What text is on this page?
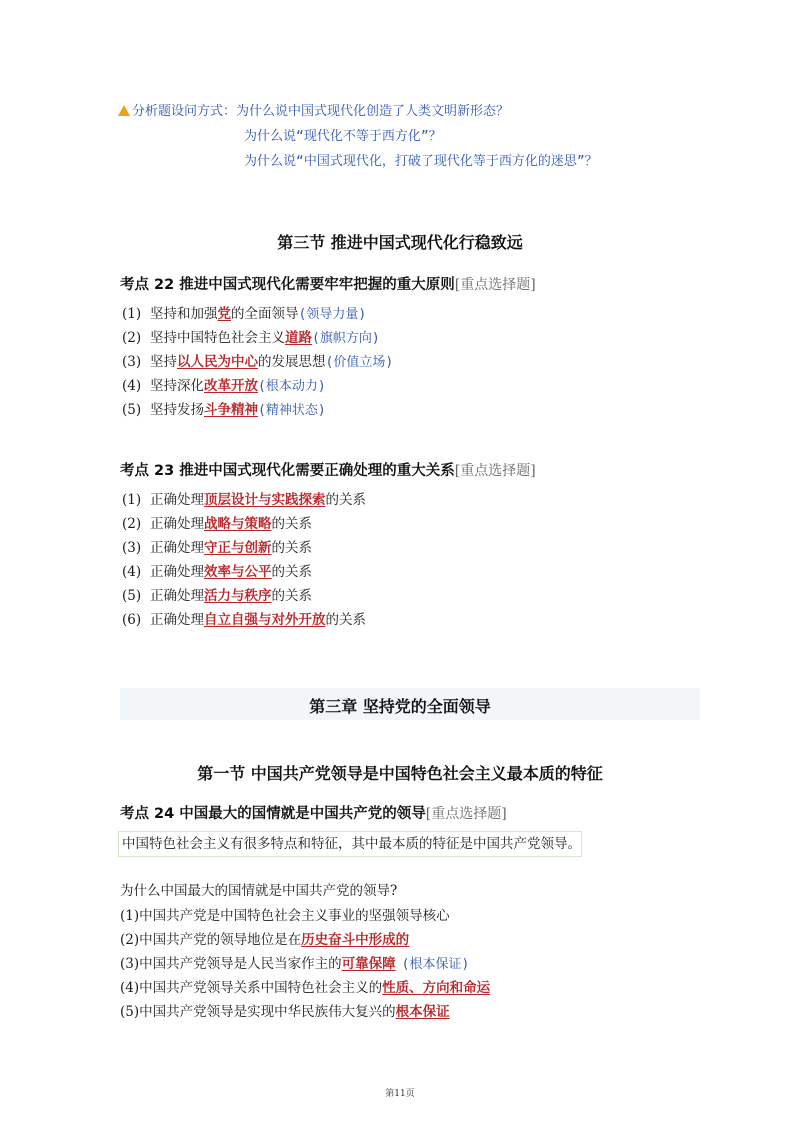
分析题设问方式：为什么说中国式现代化创造了人类文明新形态？
为什么说“现代化不等于西方化”？
为什么说“中国式现代化，打破了现代化等于西方化的迷思”？
第三节 推进中国式现代化行稳致远
考点 22 推进中国式现代化需要牢牢把握的重大原则[重点选择题]
(1) 坚持和加强党的全面领导(领导力量)
(2) 坚持中国特色社会主义道路(旗帜方向)
(3) 坚持以人民为中心的发展思想(价值立场)
(4) 坚持深化改革开放(根本动力)
(5) 坚持发扬斗争精神(精神状态)
考点 23 推进中国式现代化需要正确处理的重大关系[重点选择题]
(1) 正确处理顶层设计与实践探索的关系
(2) 正确处理战略与策略的关系
(3) 正确处理守正与创新的关系
(4) 正确处理效率与公平的关系
(5) 正确处理活力与秩序的关系
(6) 正确处理自立自强与对外开放的关系
第三章 坚持党的全面领导
第一节 中国共产党领导是中国特色社会主义最本质的特征
考点 24 中国最大的国情就是中国共产党的领导[重点选择题]
中国特色社会主义有很多特点和特征，其中最本质的特征是中国共产党领导。
为什么中国最大的国情就是中国共产党的领导?
(1)中国共产党是中国特色社会主义事业的坚强领导核心
(2)中国共产党的领导地位是在历史奋斗中形成的
(3)中国共产党领导是人民当家作主的可靠保障 (根本保证)
(4)中国共产党领导关系中国特色社会主义的性质、方向和命运
(5)中国共产党领导是实现中华民族伟大复兴的根本保证
第11页
